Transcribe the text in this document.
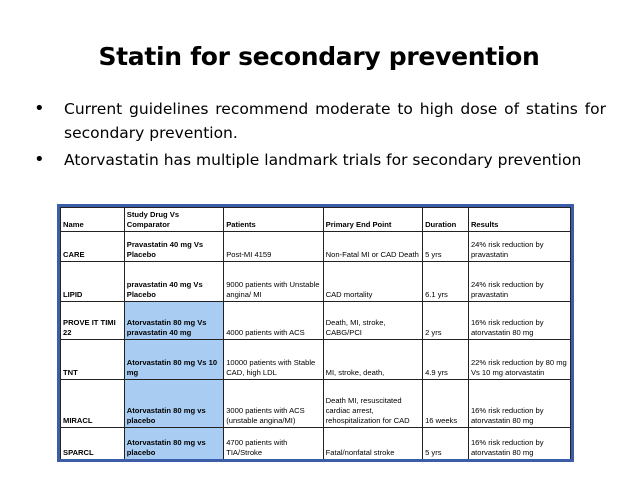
Statin for secondary prevention
• Current guidelines recommend moderate to high dose of statins for secondary prevention.
• Atorvastatin has multiple landmark trials for secondary prevention
Name	Study Drug Vs Comparator	Patients	Primary End Point	Duration	Results
CARE	Pravastatin 40 mg Vs Placebo	Post-MI 4159	Non-Fatal MI or CAD Death	5 yrs	24% risk reduction by pravastatin
LIPID	pravastatin 40 mg Vs Placebo	9000 patients with Unstable angina/ MI	CAD mortality	6.1 yrs	24% risk reduction by pravastatin
PROVE IT TIMI 22	Atorvastatin 80 mg Vs pravastatin 40 mg	4000 patients with ACS	Death, MI, stroke, CABG/PCI	2 yrs	16% risk reduction by atorvastatin 80 mg
TNT	Atorvastatin 80 mg Vs 10 mg	10000 patients with Stable CAD, high LDL	MI, stroke, death,	4.9 yrs	22% risk reduction by 80 mg Vs 10 mg atorvastatin
MIRACL	Atorvastatin 80 mg vs placebo	3000 patients with ACS (unstable angina/MI)	Death MI, resuscitated cardiac arrest, rehospitalization for CAD	16 weeks	16% risk reduction by atorvastatin 80 mg
SPARCL	Atorvastatin 80 mg vs placebo	4700 patients with TIA/Stroke	Fatal/nonfatal stroke	5 yrs	16% risk reduction by atorvastatin 80 mg
